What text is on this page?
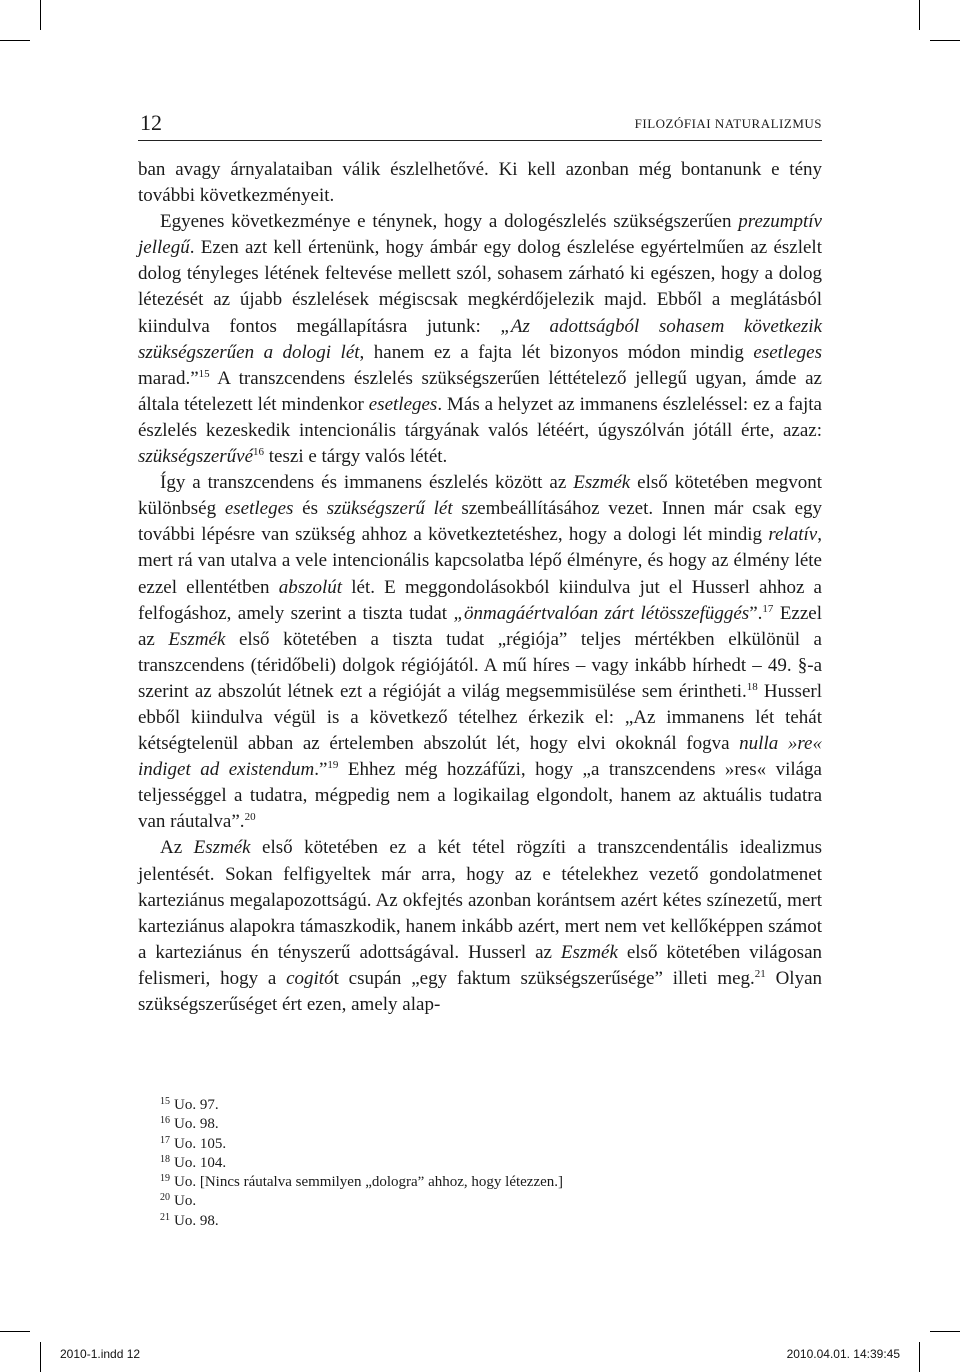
12	FILOZÓFIAI NATURALIZMUS

ban avagy árnyalataiban válik észlelhetővé. Ki kell azonban még bontanunk e tény további következményeit.

Egyenes következménye e ténynek, hogy a dologészlelés szükségszerűen prezumptív jellegű. Ezen azt kell értenünk, hogy ámbár egy dolog észlelése egyértelműen az észlelt dolog tényleges létének feltevése mellett szól, sohasem zárható ki egészen, hogy a dolog létezését az újabb észlelések mégiscsak megkérdőjelezik majd. Ebből a meglátásból kiindulva fontos megállapításra jutunk: „Az adottságból sohasem következik szükségszerűen a dologi lét, hanem ez a fajta lét bizonyos módon mindig esetleges marad.”$^{15}$ A transzcendens észlelés szükségszerűen léttételező jellegű ugyan, ámde az általa tételezett lét mindenkor esetleges. Más a helyzet az immanens észleléssel: ez a fajta észlelés kezeskedik intencionális tárgyának valós létéért, úgyszólván jótáll érte, azaz: szükségszerűvé$^{16}$ teszi e tárgy valós létét.

Így a transzcendens és immanens észlelés között az Eszmék első kötetében megvont különbség esetleges és szükségszerű lét szembeállításához vezet. Innen már csak egy további lépésre van szükség ahhoz a következtetéshez, hogy a dologi lét mindig relatív, mert rá van utalva a vele intencionális kapcsolatba lépő élményre, és hogy az élmény léte ezzel ellentétben abszolút lét. E meggondolásokból kiindulva jut el Husserl ahhoz a felfogáshoz, amely szerint a tiszta tudat „önmagáértvalóan zárt létösszefüggés”.$^{17}$ Ezzel az Eszmék első kötetében a tiszta tudat „régiója” teljes mértékben elkülönül a transzcendens (téridőbeli) dolgok régiójától. A mű híres – vagy inkább hírhedt – 49. §-a szerint az abszolút létnek ezt a régióját a világ megsemmisülése sem érintheti.$^{18}$ Husserl ebből kiindulva végül is a következő tételhez érkezik el: „Az immanens lét tehát kétségtelenül abban az értelemben abszolút lét, hogy elvi okoknál fogva nulla »re« indiget ad existendum.”$^{19}$ Ehhez még hozzáfűzi, hogy „a transzcendens »res« világa teljességgel a tudatra, mégpedig nem a logikailag elgondolt, hanem az aktuális tudatra van ráutalva”.$^{20}$

Az Eszmék első kötetében ez a két tétel rögzíti a transzcendentális idealizmus jelentését. Sokan felfigyeltek már arra, hogy az e tételekhez vezető gondolatmenet karteziánus megalapozottságú. Az okfejtés azonban korántsem azért kétes színezetű, mert karteziánus alapokra támaszkodik, hanem inkább azért, mert nem vet kellőképpen számot a karteziánus én tényszerű adottságával. Husserl az Eszmék első kötetében világosan felismeri, hogy a cogitót csupán „egy faktum szükségszerűsége” illeti meg.$^{21}$ Olyan szükségszerűséget ért ezen, amely alap-

$^{15}$ Uo. 97.
$^{16}$ Uo. 98.
$^{17}$ Uo. 105.
$^{18}$ Uo. 104.
$^{19}$ Uo. [Nincs ráutalva semmilyen „dologra” ahhoz, hogy létezzen.]
$^{20}$ Uo.
$^{21}$ Uo. 98.
2010-1.indd 12	2010.04.01. 14:39:45
